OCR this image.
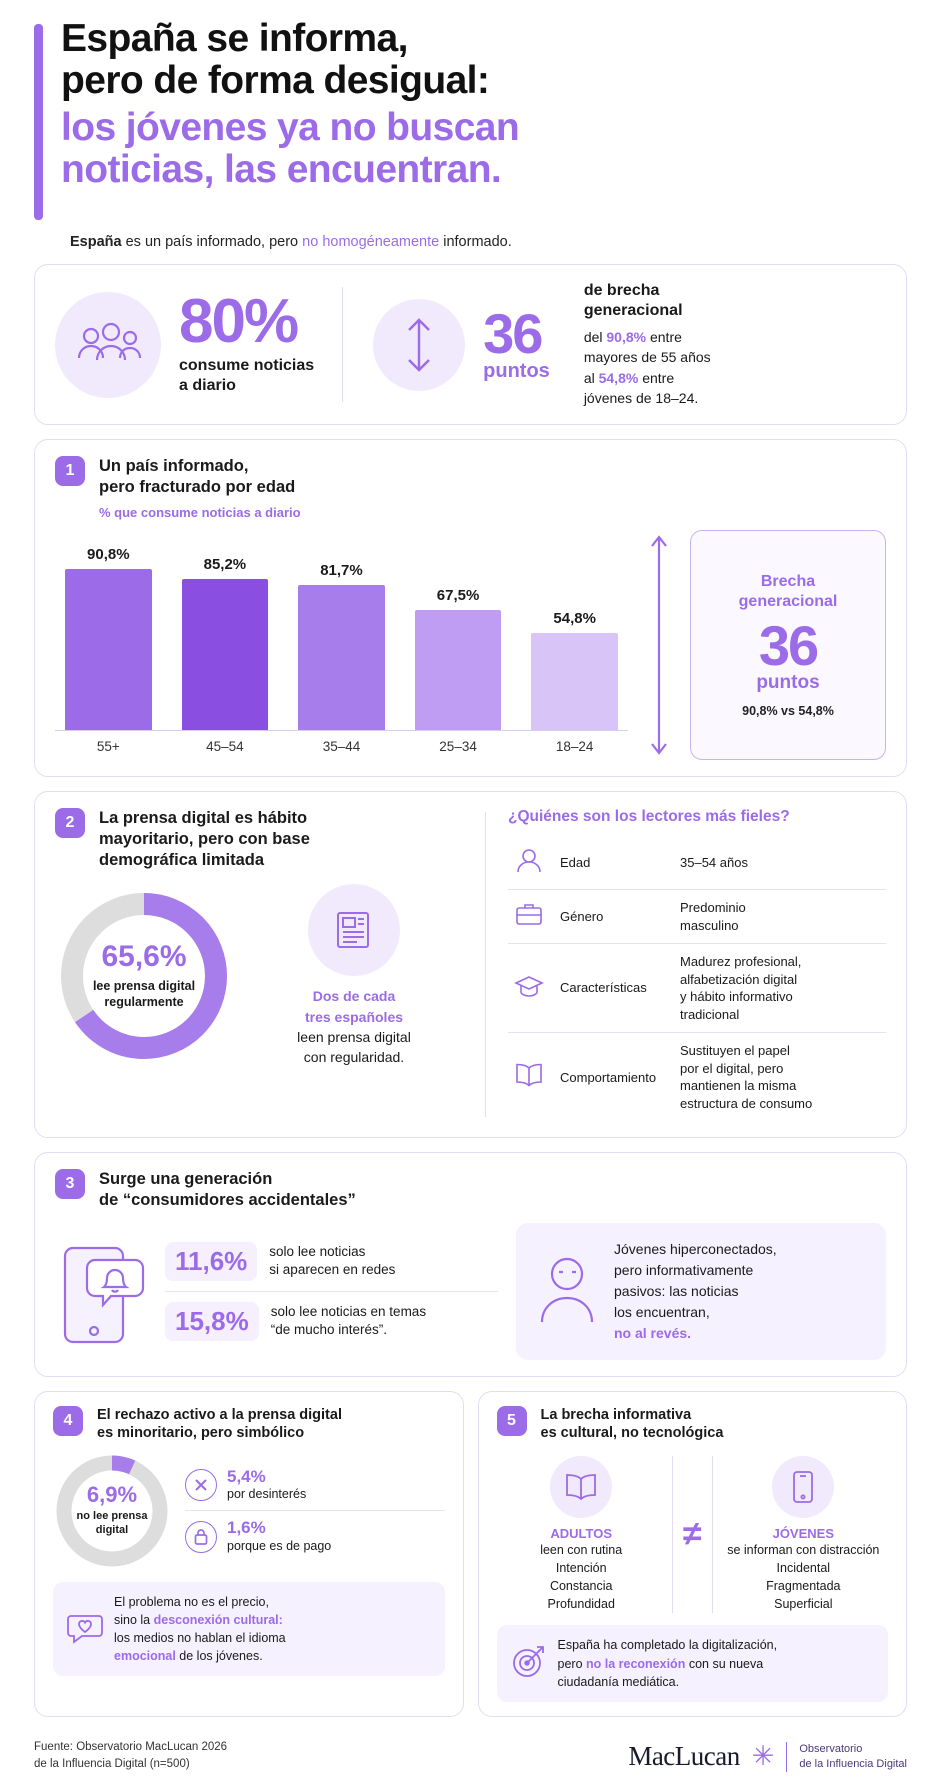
España se informa,
pero de forma desigual:
los jóvenes ya no buscan
noticias, las encuentran.
España es un país informado, pero no homogéneamente informado.
80%
consume noticias
a diario
36
puntos
de brecha
generacional
del 90,8% entre
mayores de 55 años
al 54,8% entre
jóvenes de 18–24.
1	Un país informado,
pero fracturado por edad
% que consume noticias a diario
90,8%
85,2%	81,7%
67,5%
54,8%
55+	45–54	35–44	25–34	18–24
Brecha
generacional
36
puntos
90,8% vs 54,8%
2	La prensa digital es hábito
mayoritario, pero con base
demográfica limitada
65,6%
lee prensa digital
regularmente	Dos de cada
tres españoles
leen prensa digital
con regularidad.
¿Quiénes son los lectores más fieles?
	Edad	35–54 años
	Género	Predominio
masculino
	Características	Madurez profesional,
alfabetización digital
y hábito informativo
tradicional
	Comportamiento	Sustituyen el papel
por el digital, pero
mantienen la misma
estructura de consumo
3	Surge una generación
de “consumidores accidentales”
11,6%	solo lee noticias
si aparecen en redes
15,8%	solo lee noticias en temas
“de mucho interés”.
Jóvenes hiperconectados,
pero informativamente
pasivos: las noticias
los encuentran,
no al revés.
4	El rechazo activo a la prensa digital
es minoritario, pero simbólico
6,9%
no lee prensa
digital
5,4%
por desinterés
1,6%
porque es de pago
El problema no es el precio,
sino la desconexión cultural:
los medios no hablan el idioma
emocional de los jóvenes.
5	La brecha informativa
es cultural, no tecnológica
ADULTOS
leen con rutina
Intención
Constancia
Profundidad
≠	JÓVENES
se informan con distracción
Incidental
Fragmentada
Superficial
España ha completado la digitalización,
pero no la reconexión con su nueva
ciudadanía mediática.
Fuente: Observatorio MacLucan 2026
de la Influencia Digital (n=500)	MacLucan ✳ Observatorio
de la Influencia Digital
